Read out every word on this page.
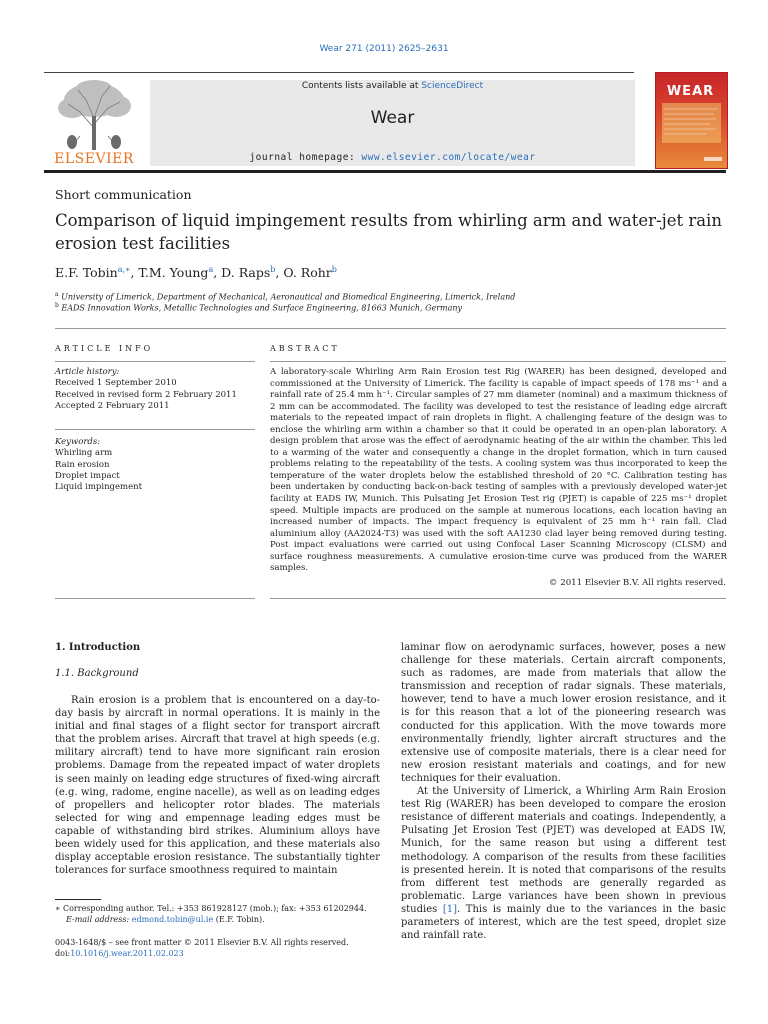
Wear 271 (2011) 2625–2631
ELSEVIER
Contents lists available at ScienceDirect
Wear
journal homepage: www.elsevier.com/locate/wear
WEAR
Short communication
Comparison of liquid impingement results from whirling arm and water-jet rain erosion test facilities
E.F. Tobin$^{a,∗}$, T.M. Young$^a$, D. Raps$^b$, O. Rohr$^b$
$^a$ University of Limerick, Department of Mechanical, Aeronautical and Biomedical Engineering, Limerick, Ireland
$^b$ EADS Innovation Works, Metallic Technologies and Surface Engineering, 81663 Munich, Germany
ARTICLE INFO
Article history:
Received 1 September 2010
Received in revised form 2 February 2011
Accepted 2 February 2011
Keywords:
Whirling arm
Rain erosion
Droplet impact
Liquid impingement
ABSTRACT
A laboratory-scale Whirling Arm Rain Erosion test Rig (WARER) has been designed, developed and commissioned at the University of Limerick. The facility is capable of impact speeds of 178 ms⁻¹ and a rainfall rate of 25.4 mm h⁻¹. Circular samples of 27 mm diameter (nominal) and a maximum thickness of 2 mm can be accommodated. The facility was developed to test the resistance of leading edge aircraft materials to the repeated impact of rain droplets in flight. A challenging feature of the design was to enclose the whirling arm within a chamber so that it could be operated in an open-plan laboratory. A design problem that arose was the effect of aerodynamic heating of the air within the chamber. This led to a warming of the water and consequently a change in the droplet formation, which in turn caused problems relating to the repeatability of the tests. A cooling system was thus incorporated to keep the temperature of the water droplets below the established threshold of 20 °C. Calibration testing has been undertaken by conducting back-on-back testing of samples with a previously developed water-jet facility at EADS IW, Munich. This Pulsating Jet Erosion Test rig (PJET) is capable of 225 ms⁻¹ droplet speed. Multiple impacts are produced on the sample at numerous locations, each location having an increased number of impacts. The impact frequency is equivalent of 25 mm h⁻¹ rain fall. Clad aluminium alloy (AA2024-T3) was used with the soft AA1230 clad layer being removed during testing. Post impact evaluations were carried out using Confocal Laser Scanning Microscopy (CLSM) and surface roughness measurements. A cumulative erosion-time curve was produced from the WARER samples.
© 2011 Elsevier B.V. All rights reserved.
1. Introduction
1.1. Background

Rain erosion is a problem that is encountered on a day-to-day basis by aircraft in normal operations. It is mainly in the initial and final stages of a flight sector for transport aircraft that the problem arises. Aircraft that travel at high speeds (e.g. military aircraft) tend to have more significant rain erosion problems. Damage from the repeated impact of water droplets is seen mainly on leading edge structures of fixed-wing aircraft (e.g. wing, radome, engine nacelle), as well as on leading edges of propellers and helicopter rotor blades. The materials selected for wing and empennage leading edges must be capable of withstanding bird strikes. Aluminium alloys have been widely used for this application, and these materials also display acceptable erosion resistance. The substantially tighter tolerances for surface smoothness required to maintain

∗ Corresponding author. Tel.: +353 861928127 (mob.); fax: +353 61202944.
E-mail address: edmond.tobin@ul.ie (E.F. Tobin).
0043-1648/$ – see front matter © 2011 Elsevier B.V. All rights reserved.
doi:10.1016/j.wear.2011.02.023

laminar flow on aerodynamic surfaces, however, poses a new challenge for these materials. Certain aircraft components, such as radomes, are made from materials that allow the transmission and reception of radar signals. These materials, however, tend to have a much lower erosion resistance, and it is for this reason that a lot of the pioneering research was conducted for this application. With the move towards more environmentally friendly, lighter aircraft structures and the extensive use of composite materials, there is a clear need for new erosion resistant materials and coatings, and for new techniques for their evaluation.

At the University of Limerick, a Whirling Arm Rain Erosion test Rig (WARER) has been developed to compare the erosion resistance of different materials and coatings. Independently, a Pulsating Jet Erosion Test (PJET) was developed at EADS IW, Munich, for the same reason but using a different test methodology. A comparison of the results from these facilities is presented herein. It is noted that comparisons of the results from different test methods are generally regarded as problematic. Large variances have been shown in previous studies [1]. This is mainly due to the variances in the basic parameters of interest, which are the test speed, droplet size and rainfall rate.
